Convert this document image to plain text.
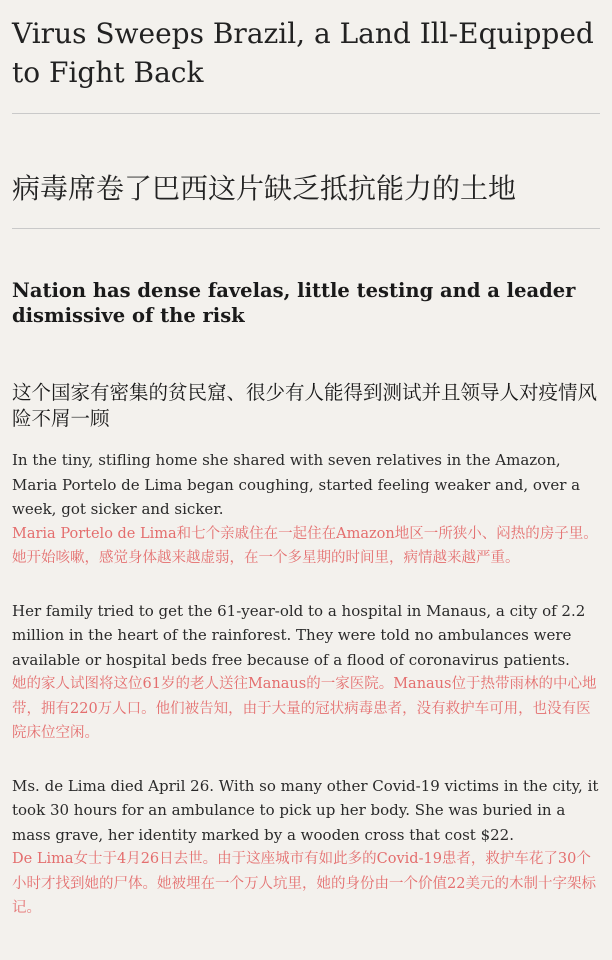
Virus Sweeps Brazil, a Land Ill-Equipped to Fight Back
病毒席卷了巴西这片缺乏抵抗能力的土地
Nation has dense favelas, little testing and a leader dismissive of the risk
这个国家有密集的贫民窟、很少有人能得到测试并且领导人对疫情风险不屑一顾

In the tiny, stifling home she shared with seven relatives in the Amazon, Maria Portelo de Lima began coughing, started feeling weaker and, over a week, got sicker and sicker.

Maria Portelo de Lima和七个亲戚住在一起住在Amazon地区一所狭小、闷热的房子里。她开始咳嗽，感觉身体越来越虚弱，在一个多星期的时间里，病情越来越严重。

Her family tried to get the 61-year-old to a hospital in Manaus, a city of 2.2 million in the heart of the rainforest. They were told no ambulances were available or hospital beds free because of a flood of coronavirus patients.

她的家人试图将这位61岁的老人送往Manaus的一家医院。Manaus位于热带雨林的中心地带，拥有220万人口。他们被告知，由于大量的冠状病毒患者，没有救护车可用，也没有医院床位空闲。

Ms. de Lima died April 26. With so many other Covid-19 victims in the city, it took 30 hours for an ambulance to pick up her body. She was buried in a mass grave, her identity marked by a wooden cross that cost $22.

De Lima女士于4月26日去世。由于这座城市有如此多的Covid-19患者，救护车花了30个小时才找到她的尸体。她被埋在一个万人坑里，她的身份由一个价值22美元的木制十字架标记。
